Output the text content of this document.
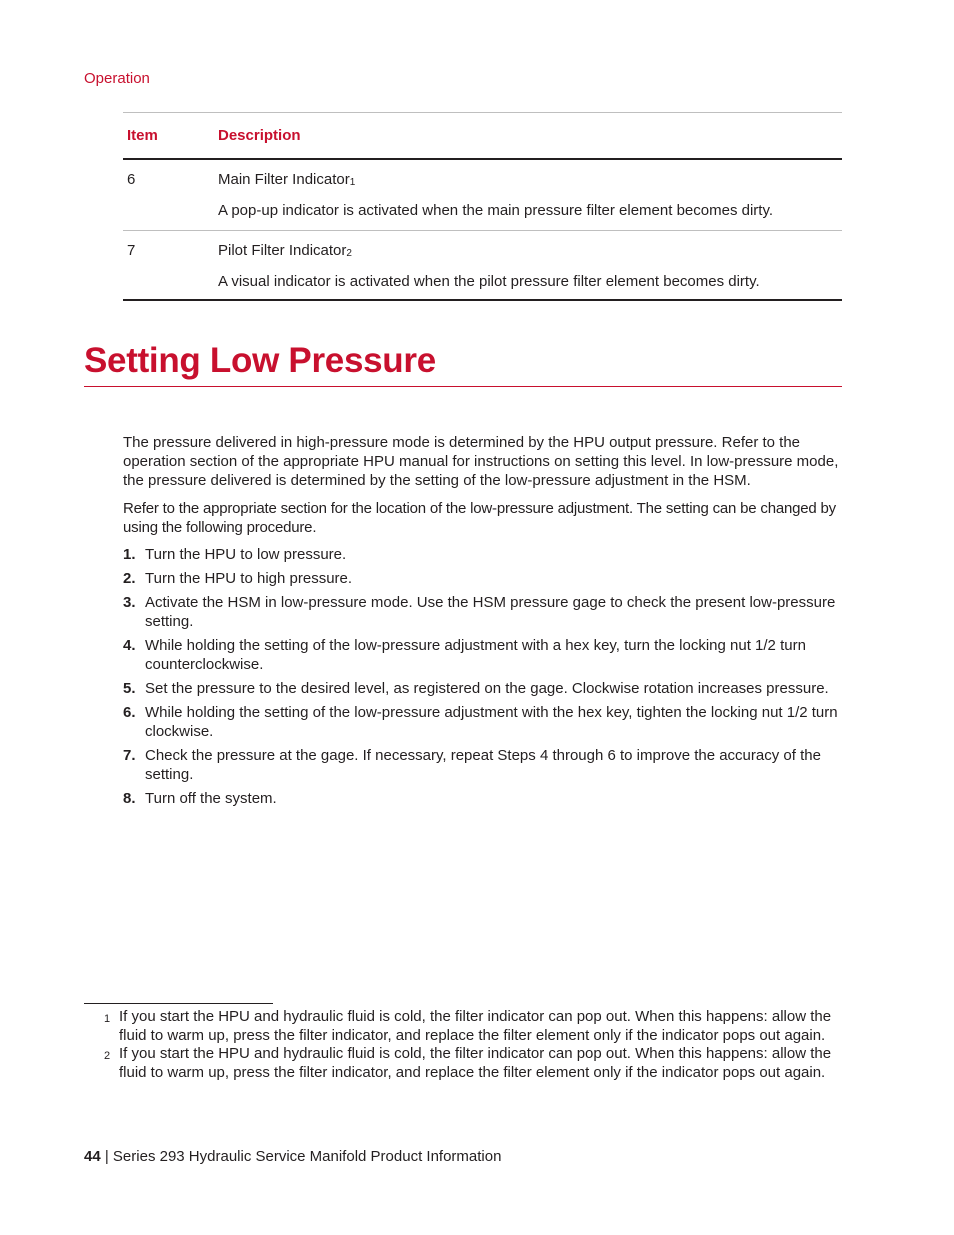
Operation
Item	Description
6	Main Filter Indicator$^1$

A pop-up indicator is activated when the main pressure filter element becomes dirty.

7	Pilot Filter Indicator$^2$

A visual indicator is activated when the pilot pressure filter element becomes dirty.

Setting Low Pressure

The pressure delivered in high-pressure mode is determined by the HPU output pressure. Refer to the operation section of the appropriate HPU manual for instructions on setting this level. In low-pressure mode, the pressure delivered is determined by the setting of the low-pressure adjustment in the HSM.

Refer to the appropriate section for the location of the low-pressure adjustment. The setting can be changed by using the following procedure.

1. Turn the HPU to low pressure.
2. Turn the HPU to high pressure.
3. Activate the HSM in low-pressure mode. Use the HSM pressure gage to check the present low-pressure setting.
4. While holding the setting of the low-pressure adjustment with a hex key, turn the locking nut 1/2 turn counterclockwise.
5. Set the pressure to the desired level, as registered on the gage. Clockwise rotation increases pressure.
6. While holding the setting of the low-pressure adjustment with the hex key, tighten the locking nut 1/2 turn clockwise.
7. Check the pressure at the gage. If necessary, repeat Steps 4 through 6 to improve the accuracy of the setting.
8. Turn off the system.
1 If you start the HPU and hydraulic fluid is cold, the filter indicator can pop out. When this happens: allow the fluid to warm up, press the filter indicator, and replace the filter element only if the indicator pops out again.
2 If you start the HPU and hydraulic fluid is cold, the filter indicator can pop out. When this happens: allow the fluid to warm up, press the filter indicator, and replace the filter element only if the indicator pops out again.
44 | Series 293 Hydraulic Service Manifold Product Information
